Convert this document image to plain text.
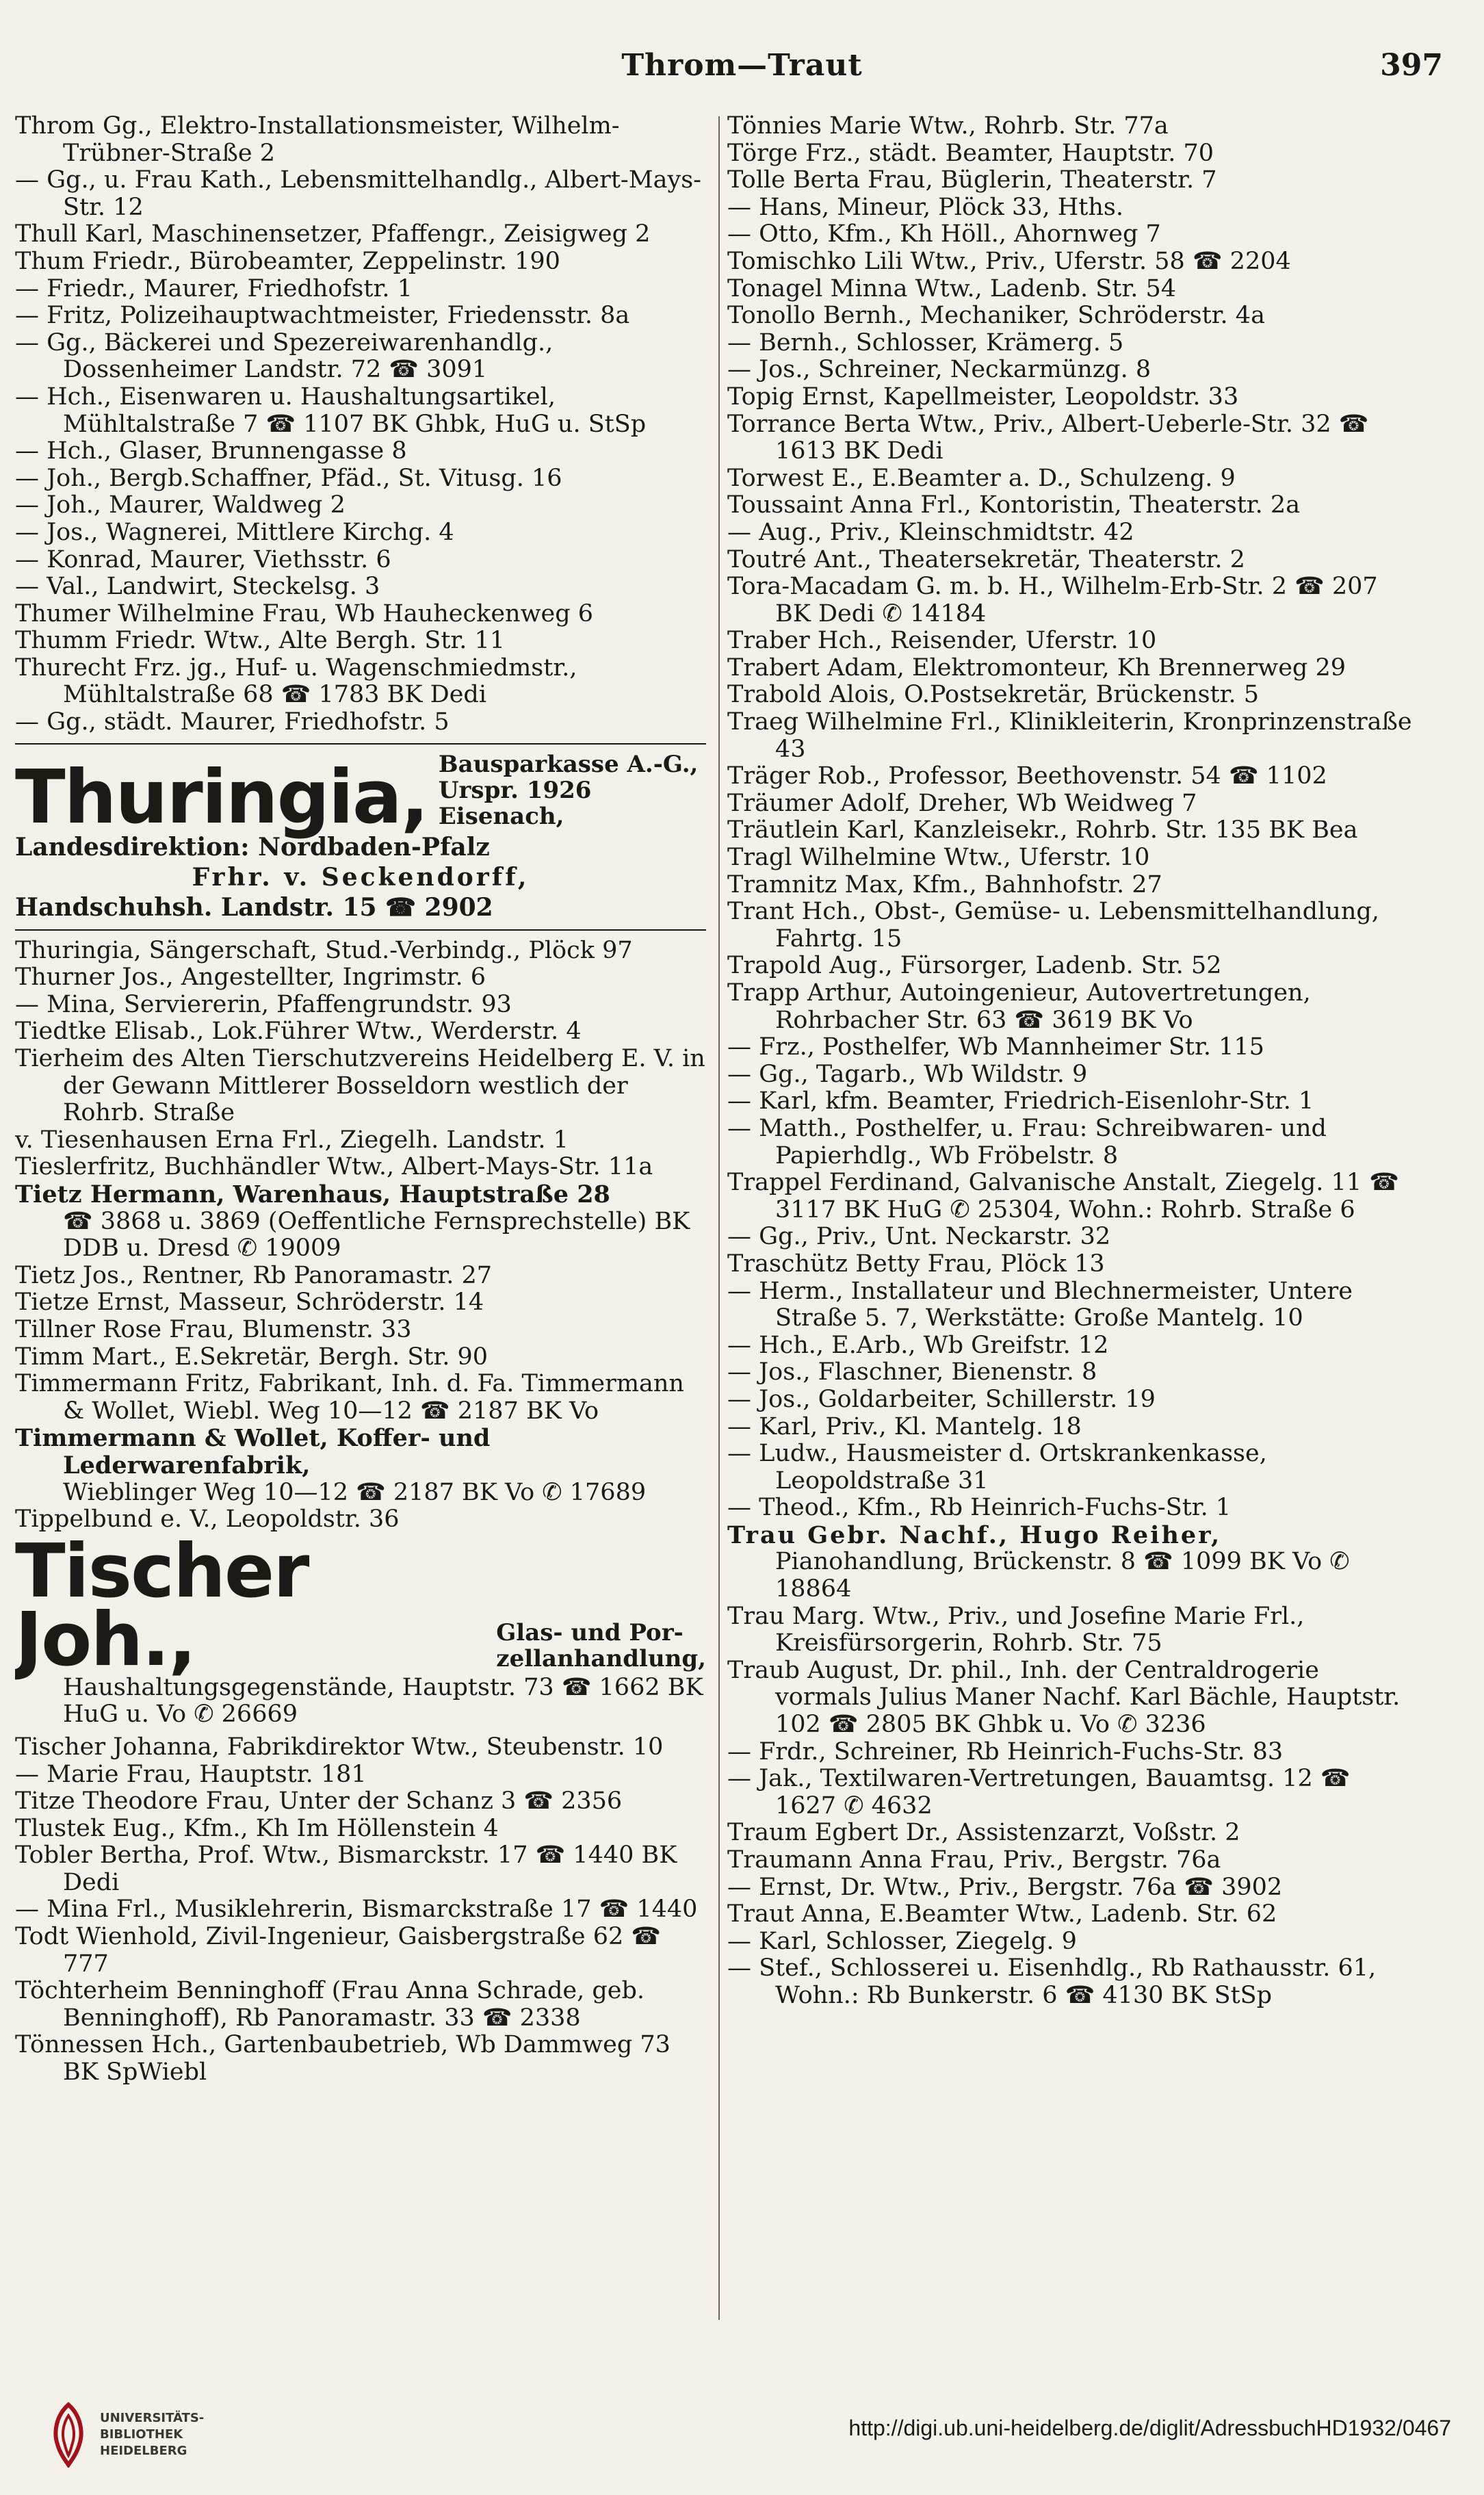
Throm—Traut	397

Throm Gg., Elektro-Installationsmeister, Wilhelm-Trübner-Straße 2

— Gg., u. Frau Kath., Lebensmittelhandlg., Albert-Mays-Str. 12

Thull Karl, Maschinensetzer, Pfaffengr., Zeisigweg 2

Thum Friedr., Bürobeamter, Zeppelinstr. 190

— Friedr., Maurer, Friedhofstr. 1

— Fritz, Polizeihauptwachtmeister, Friedensstr. 8a

— Gg., Bäckerei und Spezereiwarenhandlg., Dossenheimer Landstr. 72 ☎ 3091

— Hch., Eisenwaren u. Haushaltungsartikel, Mühltalstraße 7 ☎ 1107 BK Ghbk, HuG u. StSp

— Hch., Glaser, Brunnengasse 8

— Joh., Bergb.Schaffner, Pfäd., St. Vitusg. 16

— Joh., Maurer, Waldweg 2

— Jos., Wagnerei, Mittlere Kirchg. 4

— Konrad, Maurer, Viethsstr. 6

— Val., Landwirt, Steckelsg. 3

Thumer Wilhelmine Frau, Wb Hauheckenweg 6

Thumm Friedr. Wtw., Alte Bergh. Str. 11

Thurecht Frz. jg., Huf- u. Wagenschmiedmstr., Mühltalstraße 68 ☎ 1783 BK Dedi

— Gg., städt. Maurer, Friedhofstr. 5

Thuringia, Bausparkasse A.-G.,
Urspr. 1926 Eisenach,
Landesdirektion: Nordbaden-Pfalz
Frhr. v. Seckendorff,
Handschuhsh. Landstr. 15 ☎ 2902

Thuringia, Sängerschaft, Stud.-Verbindg., Plöck 97

Thurner Jos., Angestellter, Ingrimstr. 6

— Mina, Serviererin, Pfaffengrundstr. 93

Tiedtke Elisab., Lok.Führer Wtw., Werderstr. 4

Tierheim des Alten Tierschutzvereins Heidelberg E. V. in der Gewann Mittlerer Bosseldorn westlich der Rohrb. Straße

v. Tiesenhausen Erna Frl., Ziegelh. Landstr. 1

Tieslerfritz, Buchhändler Wtw., Albert-Mays-Str. 11a

Tietz Hermann, Warenhaus, Hauptstraße 28

☎ 3868 u. 3869 (Oeffentliche Fernsprechstelle) BK DDB u. Dresd ✆ 19009

Tietz Jos., Rentner, Rb Panoramastr. 27

Tietze Ernst, Masseur, Schröderstr. 14

Tillner Rose Frau, Blumenstr. 33

Timm Mart., E.Sekretär, Bergh. Str. 90

Timmermann Fritz, Fabrikant, Inh. d. Fa. Timmermann & Wollet, Wiebl. Weg 10—12 ☎ 2187 BK Vo

Timmermann & Wollet, Koffer- und Lederwarenfabrik,

Wieblinger Weg 10—12 ☎ 2187 BK Vo ✆ 17689

Tippelbund e. V., Leopoldstr. 36

Tischer Joh.,	Glas- und Por-
zellanhandlung,
Haushaltungsgegenstände, Hauptstr. 73 ☎ 1662 BK HuG u. Vo ✆ 26669

Tischer Johanna, Fabrikdirektor Wtw., Steubenstr. 10

— Marie Frau, Hauptstr. 181

Titze Theodore Frau, Unter der Schanz 3 ☎ 2356

Tlustek Eug., Kfm., Kh Im Höllenstein 4

Tobler Bertha, Prof. Wtw., Bismarckstr. 17 ☎ 1440 BK Dedi

— Mina Frl., Musiklehrerin, Bismarckstraße 17 ☎ 1440

Todt Wienhold, Zivil-Ingenieur, Gaisbergstraße 62 ☎ 777

Töchterheim Benninghoff (Frau Anna Schrade, geb. Benninghoff), Rb Panoramastr. 33 ☎ 2338

Tönnessen Hch., Gartenbaubetrieb, Wb Dammweg 73 BK SpWiebl

Tönnies Marie Wtw., Rohrb. Str. 77a

Törge Frz., städt. Beamter, Hauptstr. 70

Tolle Berta Frau, Büglerin, Theaterstr. 7

— Hans, Mineur, Plöck 33, Hths.

— Otto, Kfm., Kh Höll., Ahornweg 7

Tomischko Lili Wtw., Priv., Uferstr. 58 ☎ 2204

Tonagel Minna Wtw., Ladenb. Str. 54

Tonollo Bernh., Mechaniker, Schröderstr. 4a

— Bernh., Schlosser, Krämerg. 5

— Jos., Schreiner, Neckarmünzg. 8

Topig Ernst, Kapellmeister, Leopoldstr. 33

Torrance Berta Wtw., Priv., Albert-Ueberle-Str. 32 ☎ 1613 BK Dedi

Torwest E., E.Beamter a. D., Schulzeng. 9

Toussaint Anna Frl., Kontoristin, Theaterstr. 2a

— Aug., Priv., Kleinschmidtstr. 42

Toutré Ant., Theatersekretär, Theaterstr. 2

Tora-Macadam G. m. b. H., Wilhelm-Erb-Str. 2 ☎ 207 BK Dedi ✆ 14184

Traber Hch., Reisender, Uferstr. 10

Trabert Adam, Elektromonteur, Kh Brennerweg 29

Trabold Alois, O.Postsekretär, Brückenstr. 5

Traeg Wilhelmine Frl., Klinikleiterin, Kronprinzenstraße 43

Träger Rob., Professor, Beethovenstr. 54 ☎ 1102

Träumer Adolf, Dreher, Wb Weidweg 7

Träutlein Karl, Kanzleisekr., Rohrb. Str. 135 BK Bea

Tragl Wilhelmine Wtw., Uferstr. 10

Tramnitz Max, Kfm., Bahnhofstr. 27

Trant Hch., Obst-, Gemüse- u. Lebensmittelhandlung, Fahrtg. 15

Trapold Aug., Fürsorger, Ladenb. Str. 52

Trapp Arthur, Autoingenieur, Autovertretungen, Rohrbacher Str. 63 ☎ 3619 BK Vo

— Frz., Posthelfer, Wb Mannheimer Str. 115

— Gg., Tagarb., Wb Wildstr. 9

— Karl, kfm. Beamter, Friedrich-Eisenlohr-Str. 1

— Matth., Posthelfer, u. Frau: Schreibwaren- und Papierhdlg., Wb Fröbelstr. 8

Trappel Ferdinand, Galvanische Anstalt, Ziegelg. 11 ☎ 3117 BK HuG ✆ 25304, Wohn.: Rohrb. Straße 6

— Gg., Priv., Unt. Neckarstr. 32

Traschütz Betty Frau, Plöck 13

— Herm., Installateur und Blechnermeister, Untere Straße 5. 7, Werkstätte: Große Mantelg. 10

— Hch., E.Arb., Wb Greifstr. 12

— Jos., Flaschner, Bienenstr. 8

— Jos., Goldarbeiter, Schillerstr. 19

— Karl, Priv., Kl. Mantelg. 18

— Ludw., Hausmeister d. Ortskrankenkasse, Leopoldstraße 31

— Theod., Kfm., Rb Heinrich-Fuchs-Str. 1

Trau Gebr. Nachf., Hugo Reiher,

Pianohandlung, Brückenstr. 8 ☎ 1099 BK Vo ✆ 18864

Trau Marg. Wtw., Priv., und Josefine Marie Frl., Kreisfürsorgerin, Rohrb. Str. 75

Traub August, Dr. phil., Inh. der Centraldrogerie vormals Julius Maner Nachf. Karl Bächle, Hauptstr. 102 ☎ 2805 BK Ghbk u. Vo ✆ 3236

— Frdr., Schreiner, Rb Heinrich-Fuchs-Str. 83

— Jak., Textilwaren-Vertretungen, Bauamtsg. 12 ☎ 1627 ✆ 4632

Traum Egbert Dr., Assistenzarzt, Voßstr. 2

Traumann Anna Frau, Priv., Bergstr. 76a

— Ernst, Dr. Wtw., Priv., Bergstr. 76a ☎ 3902

Traut Anna, E.Beamter Wtw., Ladenb. Str. 62

— Karl, Schlosser, Ziegelg. 9

— Stef., Schlosserei u. Eisenhdlg., Rb Rathausstr. 61, Wohn.: Rb Bunkerstr. 6 ☎ 4130 BK StSp

UNIVERSITÄTS-
BIBLIOTHEK
HEIDELBERG
http://digi.ub.uni-heidelberg.de/diglit/AdressbuchHD1932/0467
